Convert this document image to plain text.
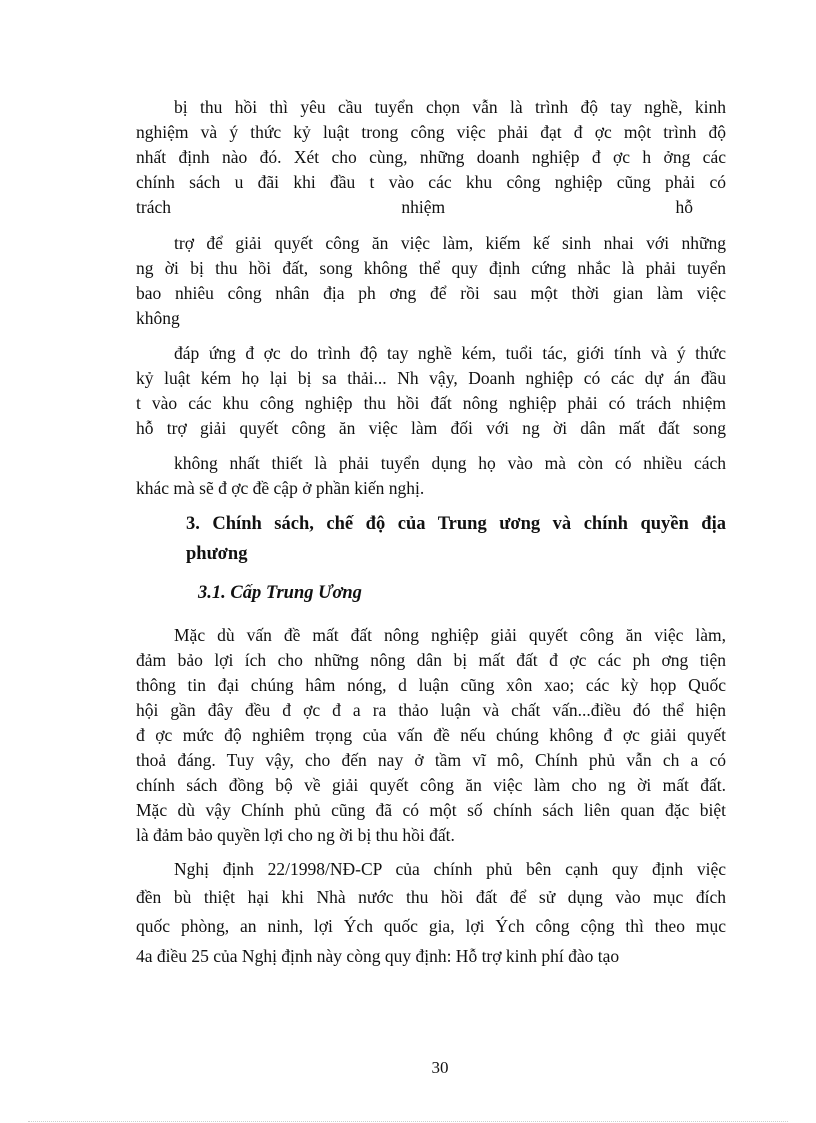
bị thu hồi thì yêu cầu tuyển chọn vẫn là trình độ tay nghề, kinh
nghiệm và ý thức kỷ luật trong công việc phải đạt đ ợc một trình độ
nhất định nào đó. Xét cho cùng, những doanh nghiệp đ ợc h ởng các
chính sách u đãi khi đầu t vào các khu công nghiệp cũng phải có
trách nhiệm hỗ
trợ để giải quyết công ăn việc làm, kiếm kế sinh nhai với những
ng ời bị thu hồi đất, song không thể quy định cứng nhắc là phải tuyển
bao nhiêu công nhân địa ph ơng để rồi sau một thời gian làm việc
không
đáp ứng đ ợc do trình độ tay nghề kém, tuổi tác, giới tính và ý thức
kỷ luật kém họ lại bị sa thải... Nh vậy, Doanh nghiệp có các dự án đầu
t vào các khu công nghiệp thu hồi đất nông nghiệp phải có trách nhiệm
hỗ trợ giải quyết công ăn việc làm đối với ng ời dân mất đất song
không nhất thiết là phải tuyển dụng họ vào mà còn có nhiều cách
khác mà sẽ đ ợc đề cập ở phần kiến nghị.
3. Chính sách, chế độ của Trung ương và chính quyền địa
phương
3.1. Cấp Trung Ương
Mặc dù vấn đề mất đất nông nghiệp giải quyết công ăn việc làm,
đảm bảo lợi ích cho những nông dân bị mất đất đ ợc các ph ơng tiện
thông tin đại chúng hâm nóng, d luận cũng xôn xao; các kỳ họp Quốc
hội gần đây đều đ ợc đ a ra thảo luận và chất vấn...điều đó thể hiện
đ ợc mức độ nghiêm trọng của vấn đề nếu chúng không đ ợc giải quyết
thoả đáng. Tuy vậy, cho đến nay ở tầm vĩ mô, Chính phủ vẫn ch a có
chính sách đồng bộ về giải quyết công ăn việc làm cho ng ời mất đất.
Mặc dù vậy Chính phủ cũng đã có một số chính sách liên quan đặc biệt
là đảm bảo quyền lợi cho ng ời bị thu hồi đất.
Nghị định 22/1998/NĐ-CP của chính phủ bên cạnh quy định việc
đền bù thiệt hại khi Nhà nước thu hồi đất để sử dụng vào mục đích
quốc phòng, an ninh, lợi Ých quốc gia, lợi Ých công cộng thì theo mục
4a điều 25 của Nghị định này còng quy định: Hỗ trợ kinh phí đào tạo
30
